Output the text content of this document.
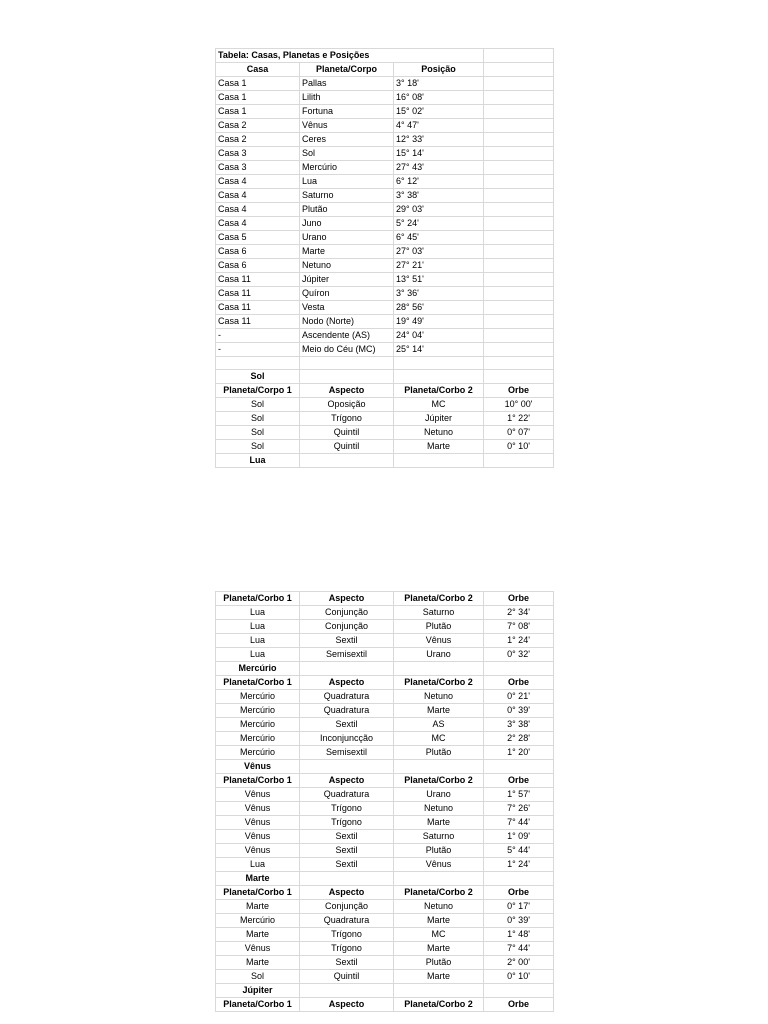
Tabela: Casas, Planetas e Posições			
Casa	Planeta/Corpo	Posição	
Casa 1	Pallas	3° 18'	
Casa 1	Lilith	16° 08'	
Casa 1	Fortuna	15° 02'	
Casa 2	Vênus	4° 47'	
Casa 2	Ceres	12° 33'	
Casa 3	Sol	15° 14'	
Casa 3	Mercúrio	27° 43'	
Casa 4	Lua	6° 12'	
Casa 4	Saturno	3° 38'	
Casa 4	Plutão	29° 03'	
Casa 4	Juno	5° 24'	
Casa 5	Urano	6° 45'	
Casa 6	Marte	27° 03'	
Casa 6	Netuno	27° 21'	
Casa 11	Júpiter	13° 51'	
Casa 11	Quíron	3° 36'	
Casa 11	Vesta	28° 56'	
Casa 11	Nodo (Norte)	19° 49'	
-	Ascendente (AS)	24° 04'	
-	Meio do Céu (MC)	25° 14'	

Sol			
Planeta/Corpo 1	Aspecto	Planeta/Corbo 2	Orbe
Sol	Oposição	MC	10° 00'
Sol	Trígono	Júpiter	1° 22'
Sol	Quintil	Netuno	0° 07'
Sol	Quintil	Marte	0° 10'
Lua			
Planeta/Corbo 1	Aspecto	Planeta/Corbo 2	Orbe
Lua	Conjunção	Saturno	2° 34'
Lua	Conjunção	Plutão	7° 08'
Lua	Sextil	Vênus	1° 24'
Lua	Semisextil	Urano	0° 32'
Mercúrio			
Planeta/Corbo 1	Aspecto	Planeta/Corbo 2	Orbe
Mercúrio	Quadratura	Netuno	0° 21'
Mercúrio	Quadratura	Marte	0° 39'
Mercúrio	Sextil	AS	3° 38'
Mercúrio	Inconjuncção	MC	2° 28'
Mercúrio	Semisextil	Plutão	1° 20'
Vênus			
Planeta/Corbo 1	Aspecto	Planeta/Corbo 2	Orbe
Vênus	Quadratura	Urano	1° 57'
Vênus	Trígono	Netuno	7° 26'
Vênus	Trígono	Marte	7° 44'
Vênus	Sextil	Saturno	1° 09'
Vênus	Sextil	Plutão	5° 44'
Lua	Sextil	Vênus	1° 24'
Marte			
Planeta/Corbo 1	Aspecto	Planeta/Corbo 2	Orbe
Marte	Conjunção	Netuno	0° 17'
Mercúrio	Quadratura	Marte	0° 39'
Marte	Trígono	MC	1° 48'
Vênus	Trígono	Marte	7° 44'
Marte	Sextil	Plutão	2° 00'
Sol	Quintil	Marte	0° 10'
Júpiter			
Planeta/Corbo 1	Aspecto	Planeta/Corbo 2	Orbe
